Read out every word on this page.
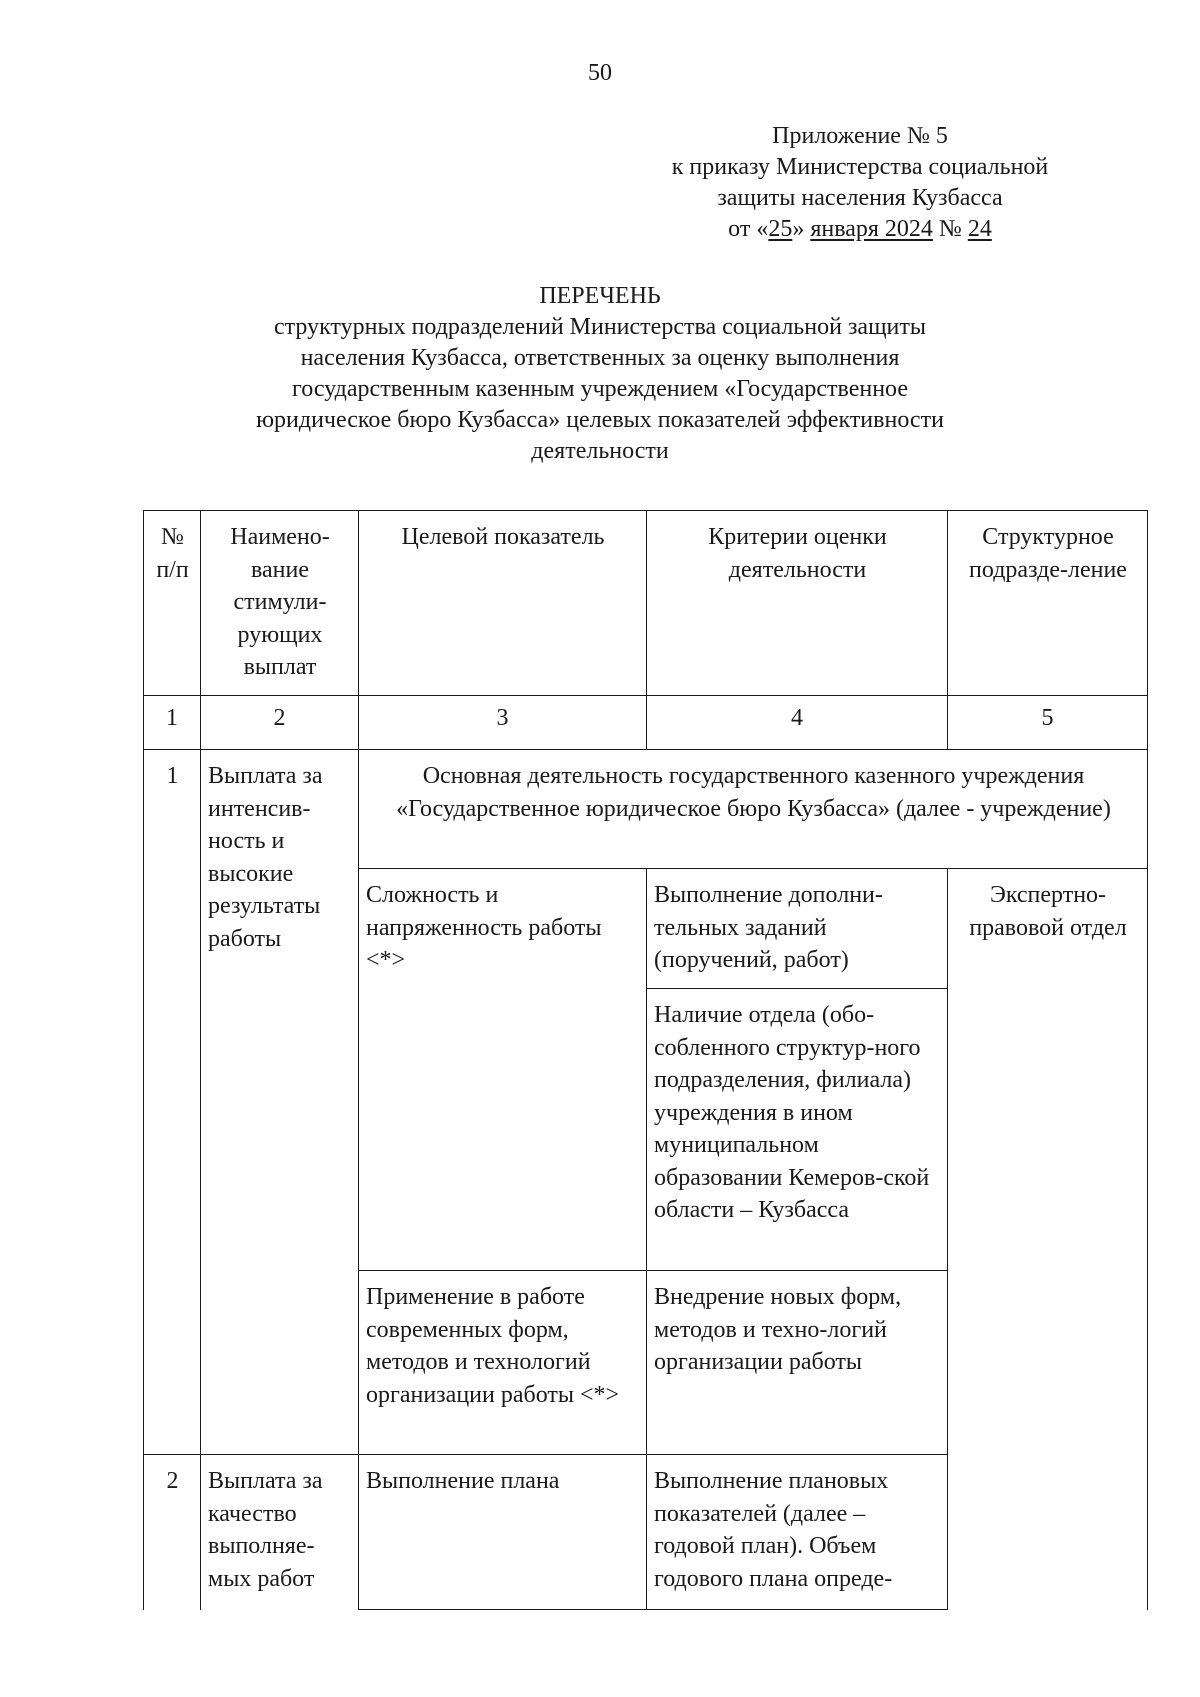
50
Приложение № 5
к приказу Министерства социальной
защиты населения Кузбасса
от «25» января 2024 № 24
ПЕРЕЧЕНЬ
структурных подразделений Министерства социальной защиты населения Кузбасса, ответственных за оценку выполнения государственным казенным учреждением «Государственное юридическое бюро Кузбасса» целевых показателей эффективности деятельности
№ п/п	Наимено-вание стимули-рующих выплат	Целевой показатель	Критерии оценки деятельности	Структурное подразде-ление
1	2	3	4	5
1	Выплата за интенсив-ность и высокие результаты работы	Основная деятельность государственного казенного учреждения «Государственное юридическое бюро Кузбасса» (далее - учреждение)		
		Сложность и напряженность работы <*>	Выполнение дополни-тельных заданий (поручений, работ)	Экспертно-правовой отдел
			Наличие отдела (обо-собленного структур-ного подразделения, филиала) учреждения в ином муниципальном образовании Кемеров-ской области – Кузбасса	
		Применение в работе современных форм, методов и технологий организации работы <*>	Внедрение новых форм, методов и техно-логий организации работы	

2	Выплата за качество выполняе-мых работ	Выполнение плана	Выполнение плановых показателей (далее – годовой план). Объем годового плана опреде-	
